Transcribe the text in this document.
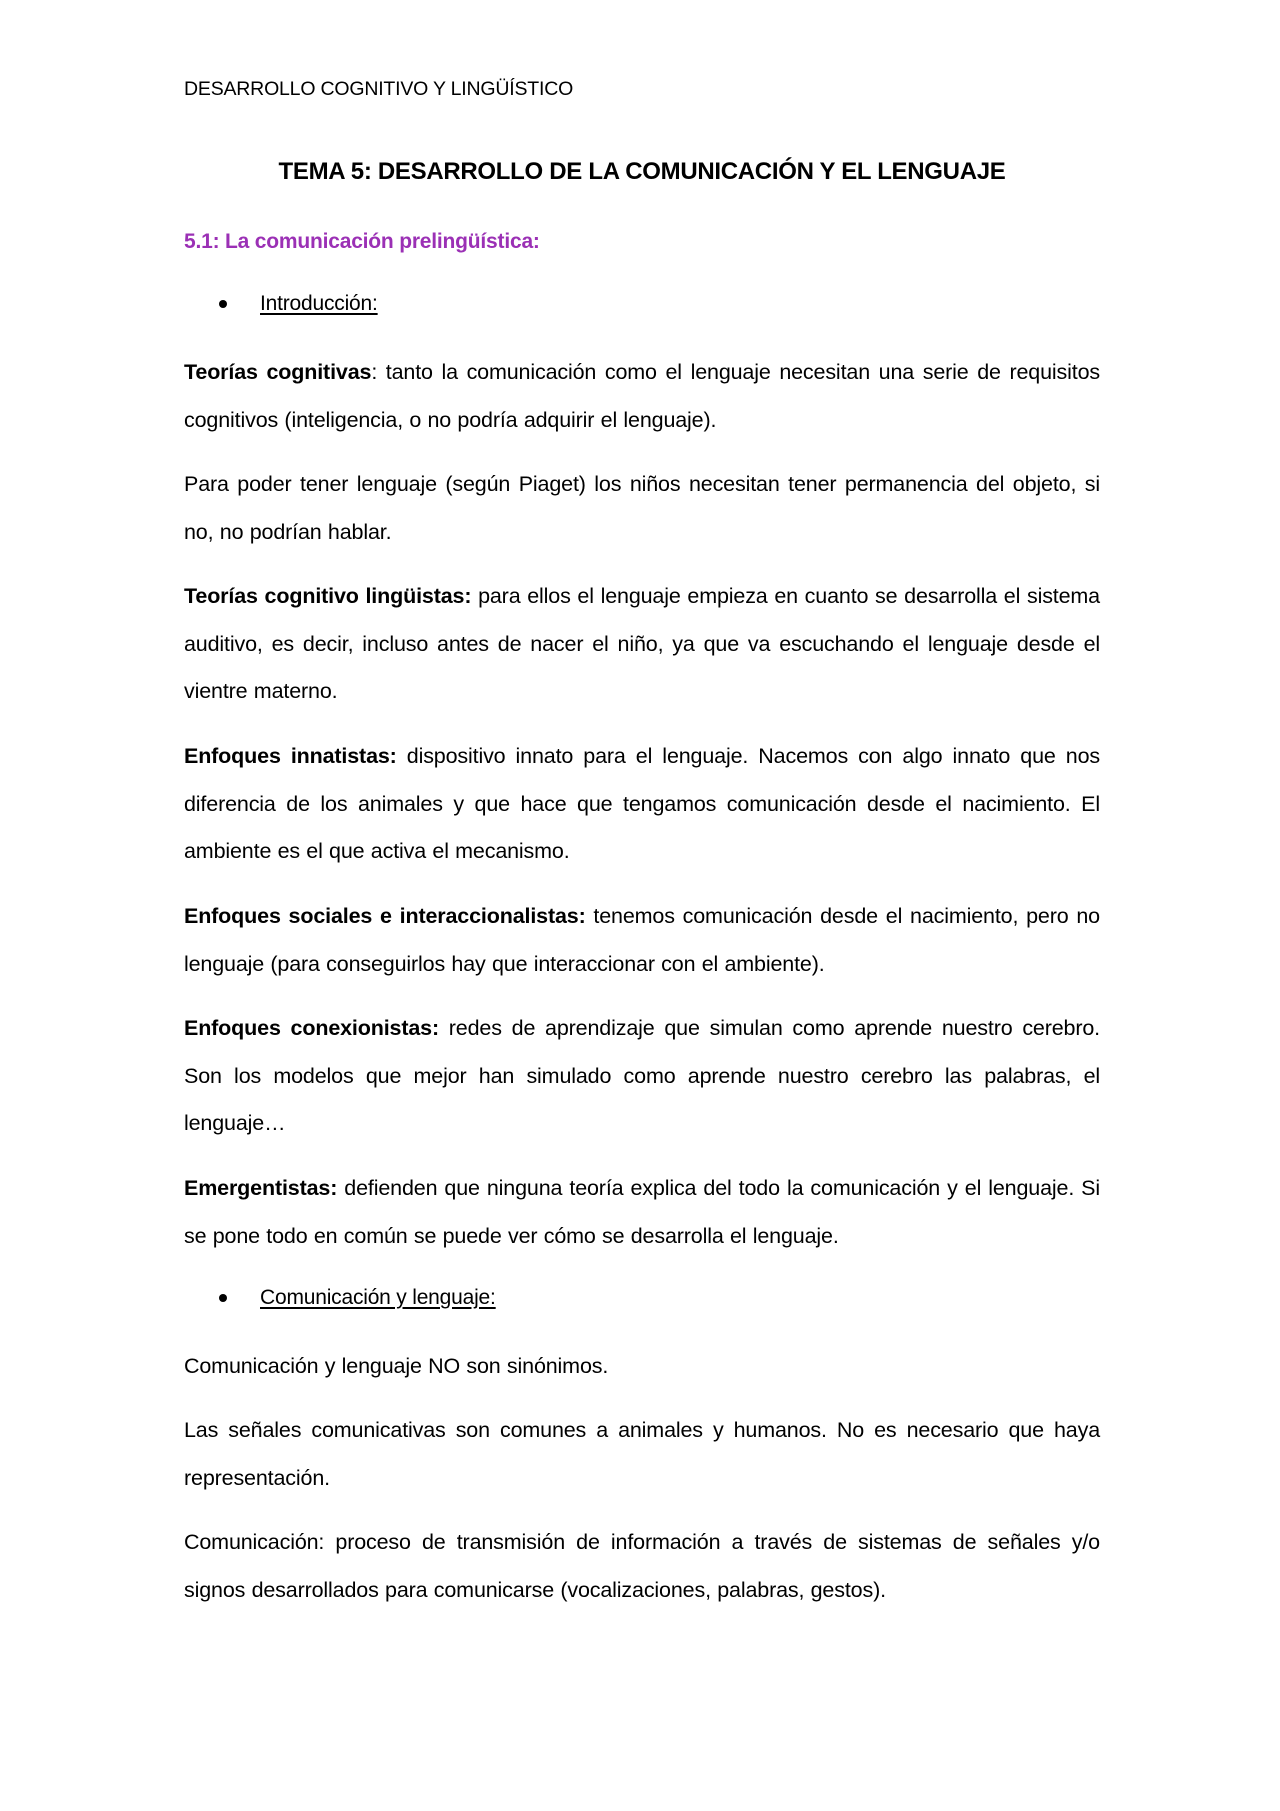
DESARROLLO COGNITIVO Y LINGÜÍSTICO
TEMA 5: DESARROLLO DE LA COMUNICACIÓN Y EL LENGUAJE
5.1: La comunicación prelingüística:
Introducción:
Teorías cognitivas: tanto la comunicación como el lenguaje necesitan una serie de requisitos cognitivos (inteligencia, o no podría adquirir el lenguaje).
Para poder tener lenguaje (según Piaget) los niños necesitan tener permanencia del objeto, si no, no podrían hablar.
Teorías cognitivo lingüistas: para ellos el lenguaje empieza en cuanto se desarrolla el sistema auditivo, es decir, incluso antes de nacer el niño, ya que va escuchando el lenguaje desde el vientre materno.
Enfoques innatistas: dispositivo innato para el lenguaje. Nacemos con algo innato que nos diferencia de los animales y que hace que tengamos comunicación desde el nacimiento. El ambiente es el que activa el mecanismo.
Enfoques sociales e interaccionalistas: tenemos comunicación desde el nacimiento, pero no lenguaje (para conseguirlos hay que interaccionar con el ambiente).
Enfoques conexionistas: redes de aprendizaje que simulan como aprende nuestro cerebro. Son los modelos que mejor han simulado como aprende nuestro cerebro las palabras, el lenguaje…
Emergentistas: defienden que ninguna teoría explica del todo la comunicación y el lenguaje. Si se pone todo en común se puede ver cómo se desarrolla el lenguaje.
Comunicación y lenguaje:
Comunicación y lenguaje NO son sinónimos.
Las señales comunicativas son comunes a animales y humanos. No es necesario que haya representación.
Comunicación: proceso de transmisión de información a través de sistemas de señales y/o signos desarrollados para comunicarse (vocalizaciones, palabras, gestos).
